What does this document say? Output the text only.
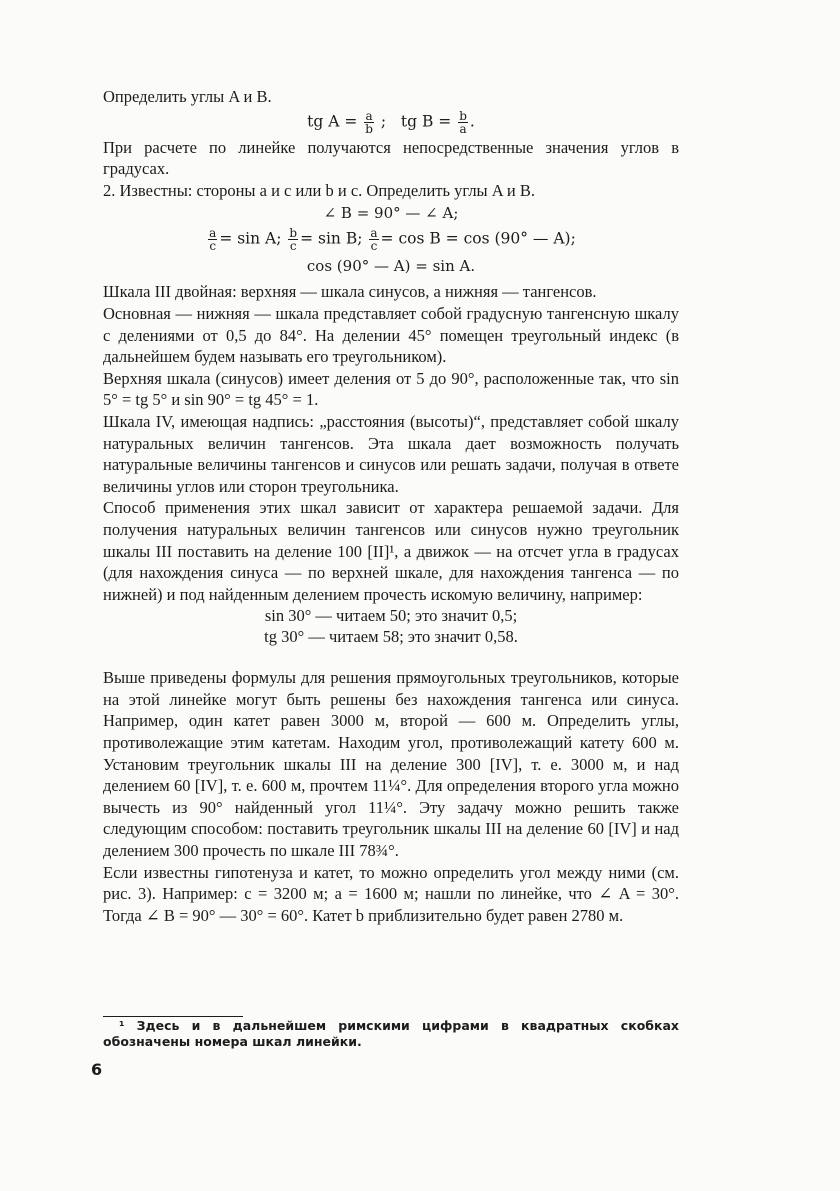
Определить углы A и B.

tg $A = \frac{a}{b}$ ; tg $B = \frac{b}{a}$ .

При расчете по линейке получаются непосредственные значения углов в градусах.

2. Известны: стороны a и c или b и c. Определить углы A и B.

∠ B = 90° — ∠ A;
$\frac{a}{c} = \sin A$; $\frac{b}{c} = \sin B$; $\frac{a}{c} = \cos B = \cos (90^\circ$ — A);
cos (90° — A) = sin A.

Шкала III двойная: верхняя — шкала синусов, а нижняя — тангенсов.

Основная — нижняя — шкала представляет собой градусную тангенсную шкалу с делениями от 0,5 до 84°. На делении 45° помещен треугольный индекс (в дальнейшем будем называть его треугольником).

Верхняя шкала (синусов) имеет деления от 5 до 90°, расположенные так, что sin 5° = tg 5° и sin 90° = tg 45° = 1.

Шкала IV, имеющая надпись: „расстояния (высоты)“, представляет собой шкалу натуральных величин тангенсов. Эта шкала дает возможность получать натуральные величины тангенсов и синусов или решать задачи, получая в ответе величины углов или сторон треугольника.

Способ применения этих шкал зависит от характера решаемой задачи. Для получения натуральных величин тангенсов или синусов нужно треугольник шкалы III поставить на деление 100 [II]¹, а движок — на отсчет угла в градусах (для нахождения синуса — по верхней шкале, для нахождения тангенса — по нижней) и под найденным делением прочесть искомую величину, например:

sin 30° — читаем 50; это значит 0,5;
tg 30° — читаем 58; это значит 0,58.

Выше приведены формулы для решения прямоугольных треугольников, которые на этой линейке могут быть решены без нахождения тангенса или синуса. Например, один катет равен 3000 м, второй — 600 м. Определить углы, противолежащие этим катетам. Находим угол, противолежащий катету 600 м. Установим треугольник шкалы III на деление 300 [IV], т. е. 3000 м, и над делением 60 [IV], т. е. 600 м, прочтем 11¼°. Для определения второго угла можно вычесть из 90° найденный угол 11¼°. Эту задачу можно решить также следующим способом: поставить треугольник шкалы III на деление 60 [IV] и над делением 300 прочесть по шкале III 78¾°.

Если известны гипотенуза и катет, то можно определить угол между ними (см. рис. 3). Например: c = 3200 м; a = 1600 м; нашли по линейке, что ∠ A = 30°. Тогда ∠ B = 90° — 30° = 60°. Катет b приблизительно будет равен 2780 м.

¹ Здесь и в дальнейшем римскими цифрами в квадратных скобках обозначены номера шкал линейки.
6
